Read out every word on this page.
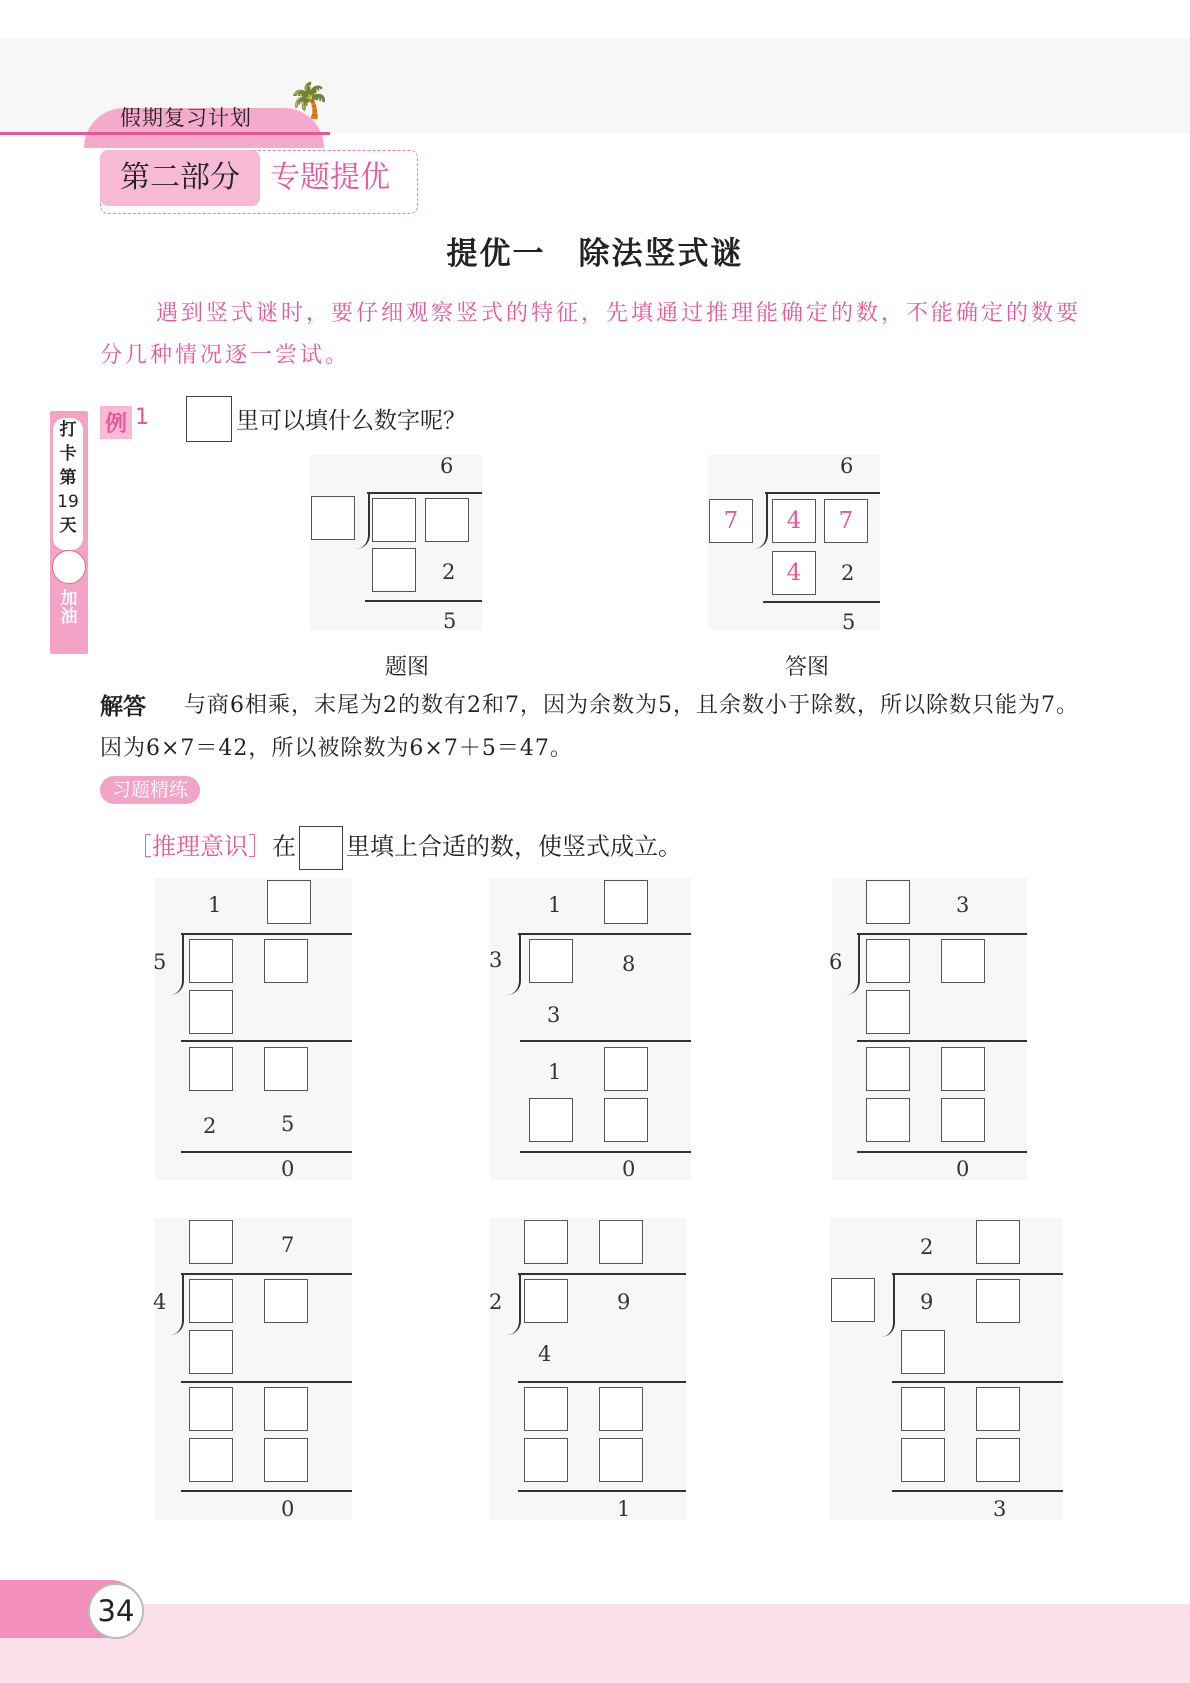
假期复习计划 🌴
第二部分	专题提优
提优一　除法竖式谜
遇到竖式谜时，要仔细观察竖式的特征，先填通过推理能确定的数，不能确定的数要分几种情况逐一尝试。
打
卡
第
19
天
加油
例 1	里可以填什么数字呢？
6
2
5
题图
6
7	4	7
4	2
5
答图
与商6相乘，末尾为2的数有2和7，因为余数为5，且余数小于除数，所以除数只能为7。因为6×7＝42，所以被除数为6×7＋5＝47。
解答
习题精练
［推理意识］在 里填上合适的数，使竖式成立。
1
5
2	5
0
1
3	8
3
1
0
3
6
0
7
4
0
2	9
4
1
2
9
3
34
